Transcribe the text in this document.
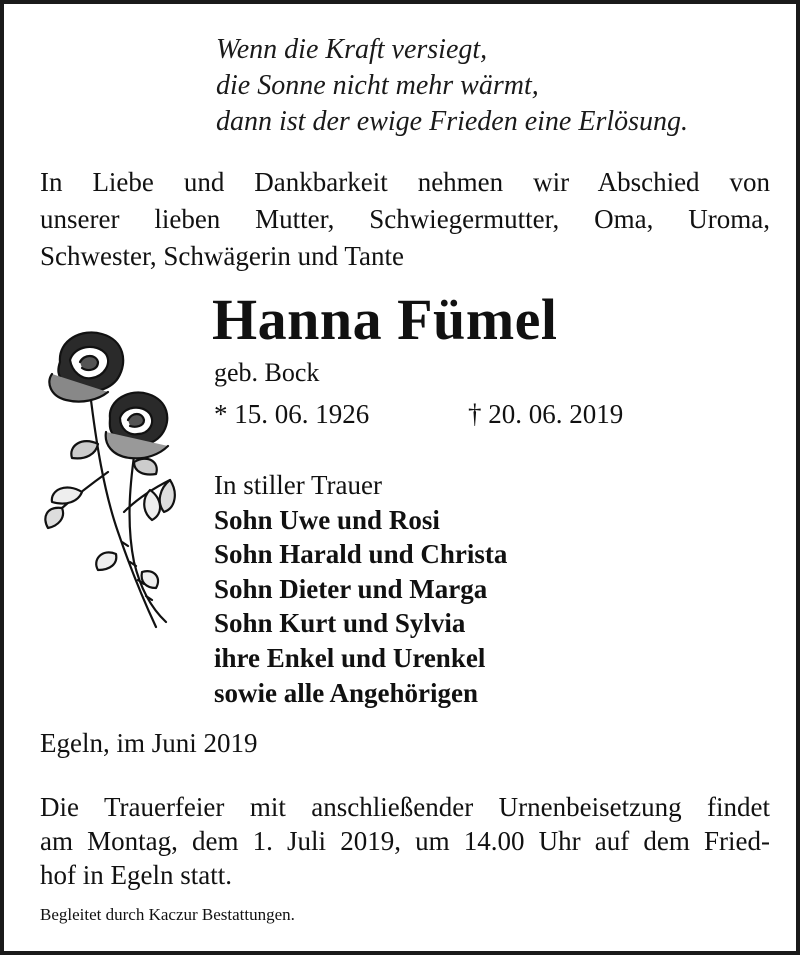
Wenn die Kraft versiegt,
die Sonne nicht mehr wärmt,
dann ist der ewige Frieden eine Erlösung.
In Liebe und Dankbarkeit nehmen wir Abschied von
unserer lieben Mutter, Schwiegermutter, Oma, Uroma,
Schwester, Schwägerin und Tante
Hanna Fümel
geb. Bock
* 15. 06. 1926	† 20. 06. 2019
In stiller Trauer
Sohn Uwe und Rosi
Sohn Harald und Christa
Sohn Dieter und Marga
Sohn Kurt und Sylvia
ihre Enkel und Urenkel
sowie alle Angehörigen
Egeln, im Juni 2019
Die Trauerfeier mit anschließender Urnenbeisetzung findet
am Montag, dem 1. Juli 2019, um 14.00 Uhr auf dem Fried-
hof in Egeln statt.
Begleitet durch Kaczur Bestattungen.
